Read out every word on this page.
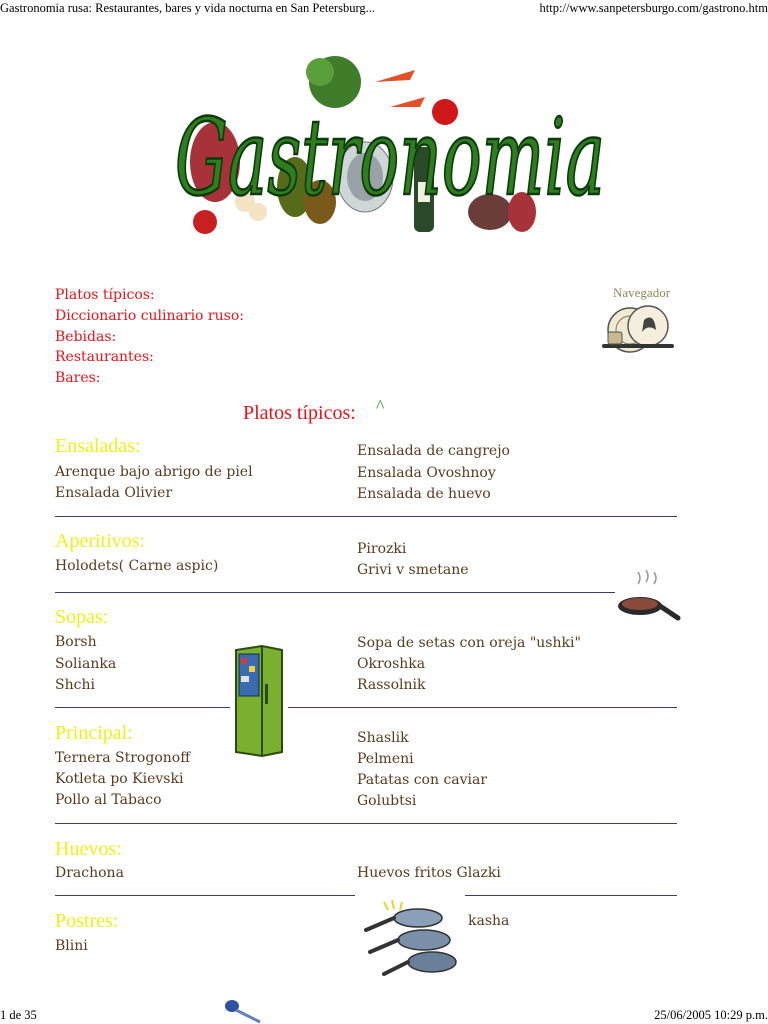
Gastronomia rusa: Restaurantes, bares y vida nocturna en San Petersburg...	http://www.sanpetersburgo.com/gastrono.htm
Gastronomia
Platos típicos:
Diccionario culinario ruso:
Bebidas:
Restaurantes:
Bares:
Navegador
Platos típicos: ^
Ensaladas:
Arenque bajo abrigo de piel
Ensalada Olivier
Ensalada de cangrejo
Ensalada Ovoshnoy
Ensalada de huevo
Aperitivos:
Holodets( Carne aspic)
Pirozki
Grivi v smetane
Sopas:
Borsh
Solianka
Shchi
Sopa de setas con oreja "ushki"
Okroshka
Rassolnik
Principal:
Ternera Strogonoff
Kotleta po Kievski
Pollo al Tabaco
Shaslik
Pelmeni
Patatas con caviar
Golubtsi
Huevos:
Drachona	Huevos fritos Glazki
Postres:
Blini
kasha
1 de 35	25/06/2005 10:29 p.m.
